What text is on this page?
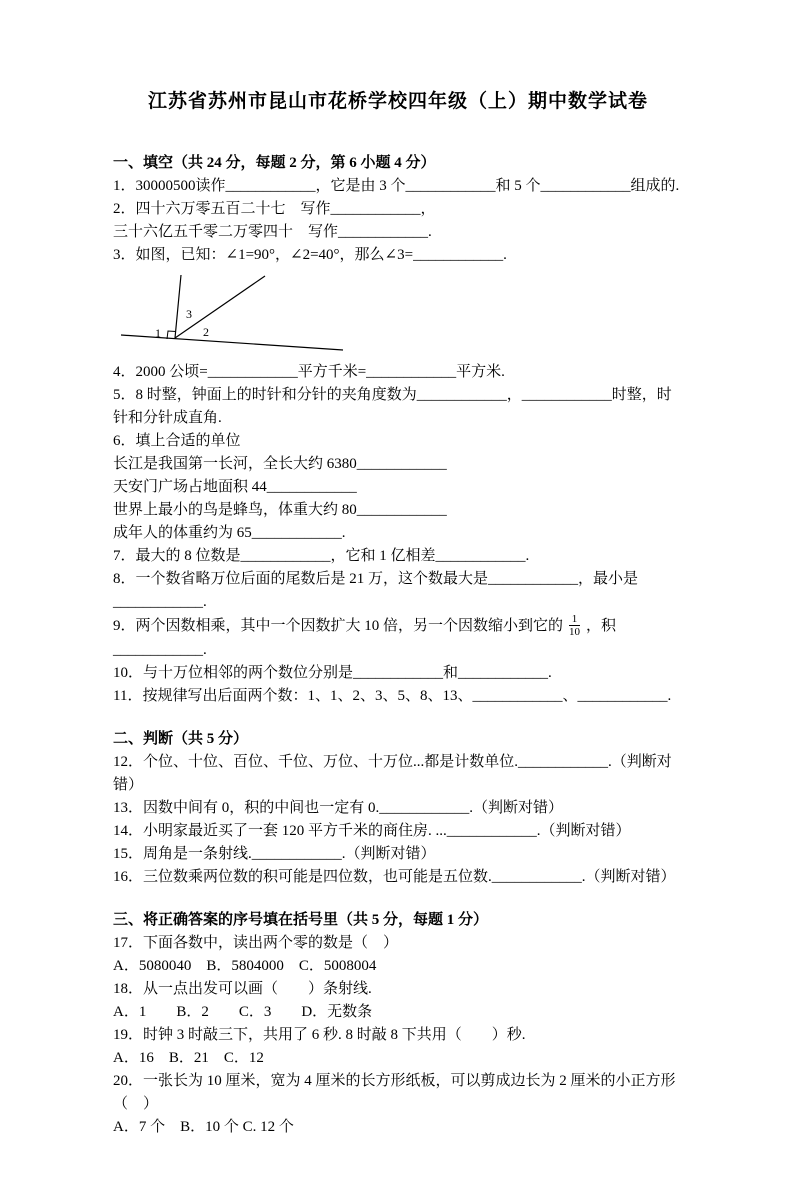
江苏省苏州市昆山市花桥学校四年级（上）期中数学试卷

一、填空（共 24 分，每题 2 分，第 6 小题 4 分）

1．30000500读作____________，它是由 3 个____________和 5 个____________组成的.

2．四十六万零五百二十七　写作____________，

三十六亿五千零二万零四十　写作____________.

3．如图，已知：∠1=90°，∠2=40°，那么∠3=____________.

1
3
2

4．2000 公顷=____________平方千米=____________平方米.

5．8 时整，钟面上的时针和分针的夹角度数为____________，____________时整，时针和分针成直角.

6．填上合适的单位

长江是我国第一长河，全长大约 6380____________

天安门广场占地面积 44____________

世界上最小的鸟是蜂鸟，体重大约 80____________

成年人的体重约为 65____________.

7．最大的 8 位数是____________，它和 1 亿相差____________.

8．一个数省略万位后面的尾数后是 21 万，这个数最大是____________，最小是____________.

9．两个因数相乘，其中一个因数扩大 10 倍，另一个因数缩小到它的 $\frac{1}{10}$ ，积____________.

10．与十万位相邻的两个数位分别是____________和____________.

11．按规律写出后面两个数：1、1、2、3、5、8、13、____________、____________.

二、判断（共 5 分）

12．个位、十位、百位、千位、万位、十万位...都是计数单位.____________.（判断对错）

13．因数中间有 0，积的中间也一定有 0.____________.（判断对错）

14．小明家最近买了一套 120 平方千米的商住房. ...____________.（判断对错）

15．周角是一条射线.____________.（判断对错）

16．三位数乘两位数的积可能是四位数，也可能是五位数.____________.（判断对错）

三、将正确答案的序号填在括号里（共 5 分，每题 1 分）

17．下面各数中，读出两个零的数是（　）

A．5080040　B．5804000　C．5008004

18．从一点出发可以画（　　）条射线.

A．1　　B．2　　C．3　　D．无数条

19．时钟 3 时敲三下，共用了 6 秒. 8 时敲 8 下共用（　　）秒.

A．16　B．21　C．12

20．一张长为 10 厘米，宽为 4 厘米的长方形纸板，可以剪成边长为 2 厘米的小正方形（　）

A．7 个　B．10 个 C. 12 个
